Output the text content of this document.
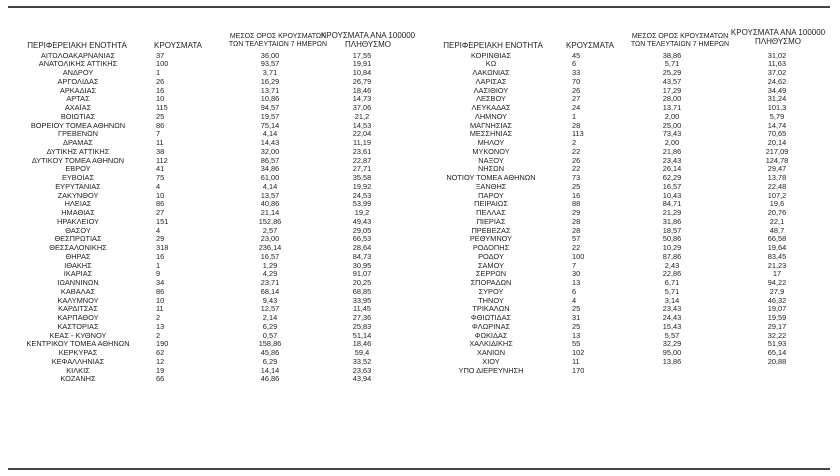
ΠΕΡΙΦΕΡΕΙΑΚΗ ΕΝΟΤΗΤΑ	ΚΡΟΥΣΜΑΤΑ
ΜΕΣΟΣ ΟΡΟΣ ΚΡΟΥΣΜΑΤΩΝ
ΤΩΝ ΤΕΛΕΥΤΑΙΩΝ 7 ΗΜΕΡΩΝ
ΚΡΟΥΣΜΑΤΑ ΑΝΑ 100000
ΠΛΗΘΥΣΜΟ	ΠΕΡΙΦΕΡΕΙΑΚΗ ΕΝΟΤΗΤΑ	ΚΡΟΥΣΜΑΤΑ
ΜΕΣΟΣ ΟΡΟΣ ΚΡΟΥΣΜΑΤΩΝ
ΤΩΝ ΤΕΛΕΥΤΑΙΩΝ 7 ΗΜΕΡΩΝ
ΚΡΟΥΣΜΑΤΑ ΑΝΑ 100000
ΠΛΗΘΥΣΜΟ
ΑΙΤΩΛΟΑΚΑΡΝΑΝΙΑΣ	37	36,00	17,55
ΑΝΑΤΟΛΙΚΗΣ ΑΤΤΙΚΗΣ	100	93,57	19,91
ΑΝΔΡΟΥ	1	3,71	10,84
ΑΡΓΟΛΙΔΑΣ	26	16,29	26,79
ΑΡΚΑΔΙΑΣ	16	13,71	18,46
ΑΡΤΑΣ	10	10,86	14,73
ΑΧΑΪΑΣ	115	94,57	37,06
ΒΟΙΩΤΙΑΣ	25	19,57	21,2
ΒΟΡΕΙΟΥ ΤΟΜΕΑ ΑΘΗΝΩΝ	86	75,14	14,53
ΓΡΕΒΕΝΩΝ	7	4,14	22,04
ΔΡΑΜΑΣ	11	14,43	11,19
ΔΥΤΙΚΗΣ ΑΤΤΙΚΗΣ	38	32,00	23,61
ΔΥΤΙΚΟΥ ΤΟΜΕΑ ΑΘΗΝΩΝ	112	86,57	22,87
ΕΒΡΟΥ	41	34,86	27,71
ΕΥΒΟΙΑΣ	75	61,00	35,58
ΕΥΡΥΤΑΝΙΑΣ	4	4,14	19,92
ΖΑΚΥΝΘΟΥ	10	13,57	24,53
ΗΛΕΙΑΣ	86	40,86	53,99
ΗΜΑΘΙΑΣ	27	21,14	19,2
ΗΡΑΚΛΕΙΟΥ	151	152,86	49,43
ΘΑΣΟΥ	4	2,57	29,05
ΘΕΣΠΡΩΤΙΑΣ	29	23,00	66,53
ΘΕΣΣΑΛΟΝΙΚΗΣ	318	236,14	28,64
ΘΗΡΑΣ	16	16,57	84,73
ΙΘΑΚΗΣ	1	1,29	30,95
ΙΚΑΡΙΑΣ	9	4,29	91,07
ΙΩΑΝΝΙΝΩΝ	34	23,71	20,25
ΚΑΒΑΛΑΣ	86	68,14	68,85
ΚΑΛΥΜΝΟΥ	10	9,43	33,95
ΚΑΡΔΙΤΣΑΣ	11	12,57	11,45
ΚΑΡΠΑΘΟΥ	2	2,14	27,36
ΚΑΣΤΟΡΙΑΣ	13	6,29	25,83
ΚΕΑΣ - ΚΥΘΝΟΥ	2	0,57	51,14
ΚΕΝΤΡΙΚΟΥ ΤΟΜΕΑ ΑΘΗΝΩΝ	190	158,86	18,46
ΚΕΡΚΥΡΑΣ	62	45,86	59,4
ΚΕΦΑΛΛΗΝΙΑΣ	12	6,29	33,52
ΚΙΛΚΙΣ	19	14,14	23,63
ΚΟΖΑΝΗΣ	66	46,86	43,94
ΚΟΡΙΝΘΙΑΣ	45	38,86	31,02
ΚΩ	6	5,71	11,63
ΛΑΚΩΝΙΑΣ	33	25,29	37,02
ΛΑΡΙΣΑΣ	70	43,57	24,62
ΛΑΣΙΘΙΟΥ	26	17,29	34,49
ΛΕΣΒΟΥ	27	28,00	31,24
ΛΕΥΚΑΔΑΣ	24	13,71	101,3
ΛΗΜΝΟΥ	1	2,00	5,79
ΜΑΓΝΗΣΙΑΣ	28	25,00	14,74
ΜΕΣΣΗΝΙΑΣ	113	73,43	70,65
ΜΗΛΟΥ	2	2,00	20,14
ΜΥΚΟΝΟΥ	22	21,86	217,09
ΝΑΞΟΥ	26	23,43	124,78
ΝΗΣΩΝ	22	26,14	29,47
ΝΟΤΙΟΥ ΤΟΜΕΑ ΑΘΗΝΩΝ	73	62,29	13,78
ΞΑΝΘΗΣ	25	16,57	22,48
ΠΑΡΟΥ	16	10,43	107,2
ΠΕΙΡΑΙΩΣ	88	84,71	19,6
ΠΕΛΛΑΣ	29	21,29	20,76
ΠΙΕΡΙΑΣ	28	31,86	22,1
ΠΡΕΒΕΖΑΣ	28	18,57	48,7
ΡΕΘΥΜΝΟΥ	57	50,86	66,58
ΡΟΔΟΠΗΣ	22	10,29	19,64
ΡΟΔΟΥ	100	87,86	83,45
ΣΑΜΟΥ	7	2,43	21,23
ΣΕΡΡΩΝ	30	22,86	17
ΣΠΟΡΑΔΩΝ	13	6,71	94,22
ΣΥΡΟΥ	6	5,71	27,9
ΤΗΝΟΥ	4	3,14	46,32
ΤΡΙΚΑΛΩΝ	25	23,43	19,07
ΦΘΙΩΤΙΔΑΣ	31	24,43	19,59
ΦΛΩΡΙΝΑΣ	25	15,43	29,17
ΦΩΚΙΔΑΣ	13	5,57	32,22
ΧΑΛΚΙΔΙΚΗΣ	55	32,29	51,93
ΧΑΝΙΩΝ	102	95,00	65,14
ΧΙΟΥ	11	13,86	20,88
ΥΠΟ ΔΙΕΡΕΥΝΗΣΗ	170
